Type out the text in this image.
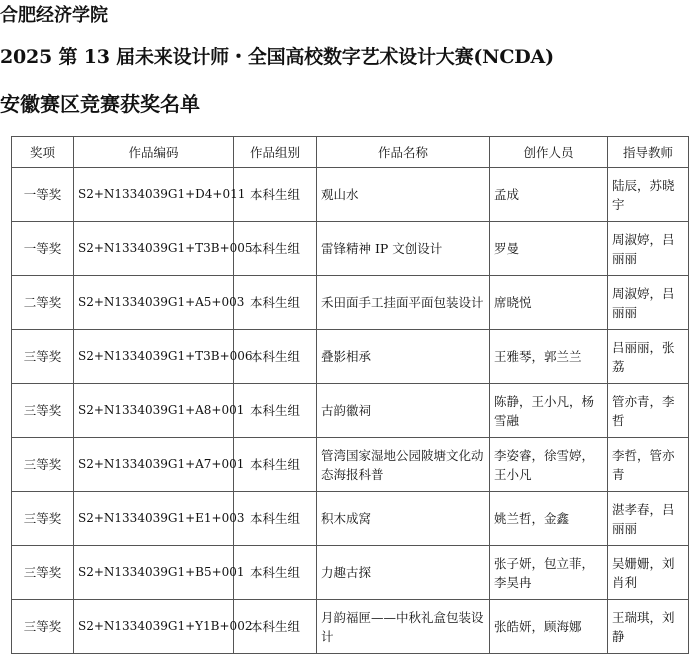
合肥经济学院
2025 第 13 届未来设计师・全国高校数字艺术设计大赛(NCDA)
安徽赛区竞赛获奖名单
奖项	作品编码	作品组别	作品名称	创作人员	指导教师
一等奖	S2+N1334039G1+D4+011	本科生组	观山水	孟成	陆辰，苏晓宇
一等奖	S2+N1334039G1+T3B+005	本科生组	雷锋精神 IP 文创设计	罗曼	周淑婷，吕丽丽
二等奖	S2+N1334039G1+A5+003	本科生组	禾田面手工挂面平面包装设计	席晓悦	周淑婷，吕丽丽
三等奖	S2+N1334039G1+T3B+006	本科生组	叠影相承	王雅琴，郭兰兰	吕丽丽，张荔
三等奖	S2+N1334039G1+A8+001	本科生组	古韵徽祠	陈静，王小凡，杨雪融	管亦青，李哲
三等奖	S2+N1334039G1+A7+001	本科生组	管湾国家湿地公园陂塘文化动态海报科普	李姿睿，徐雪婷，王小凡	李哲，管亦青
三等奖	S2+N1334039G1+E1+003	本科生组	积木成窝	姚兰哲，金鑫	湛孝春，吕丽丽
三等奖	S2+N1334039G1+B5+001	本科生组	力趣古探	张子妍，包立菲，李昊冉	吴姗姗，刘肖利
三等奖	S2+N1334039G1+Y1B+002	本科生组	月韵福匣——中秋礼盒包装设计	张皓妍，顾海娜	王瑞琪，刘静
